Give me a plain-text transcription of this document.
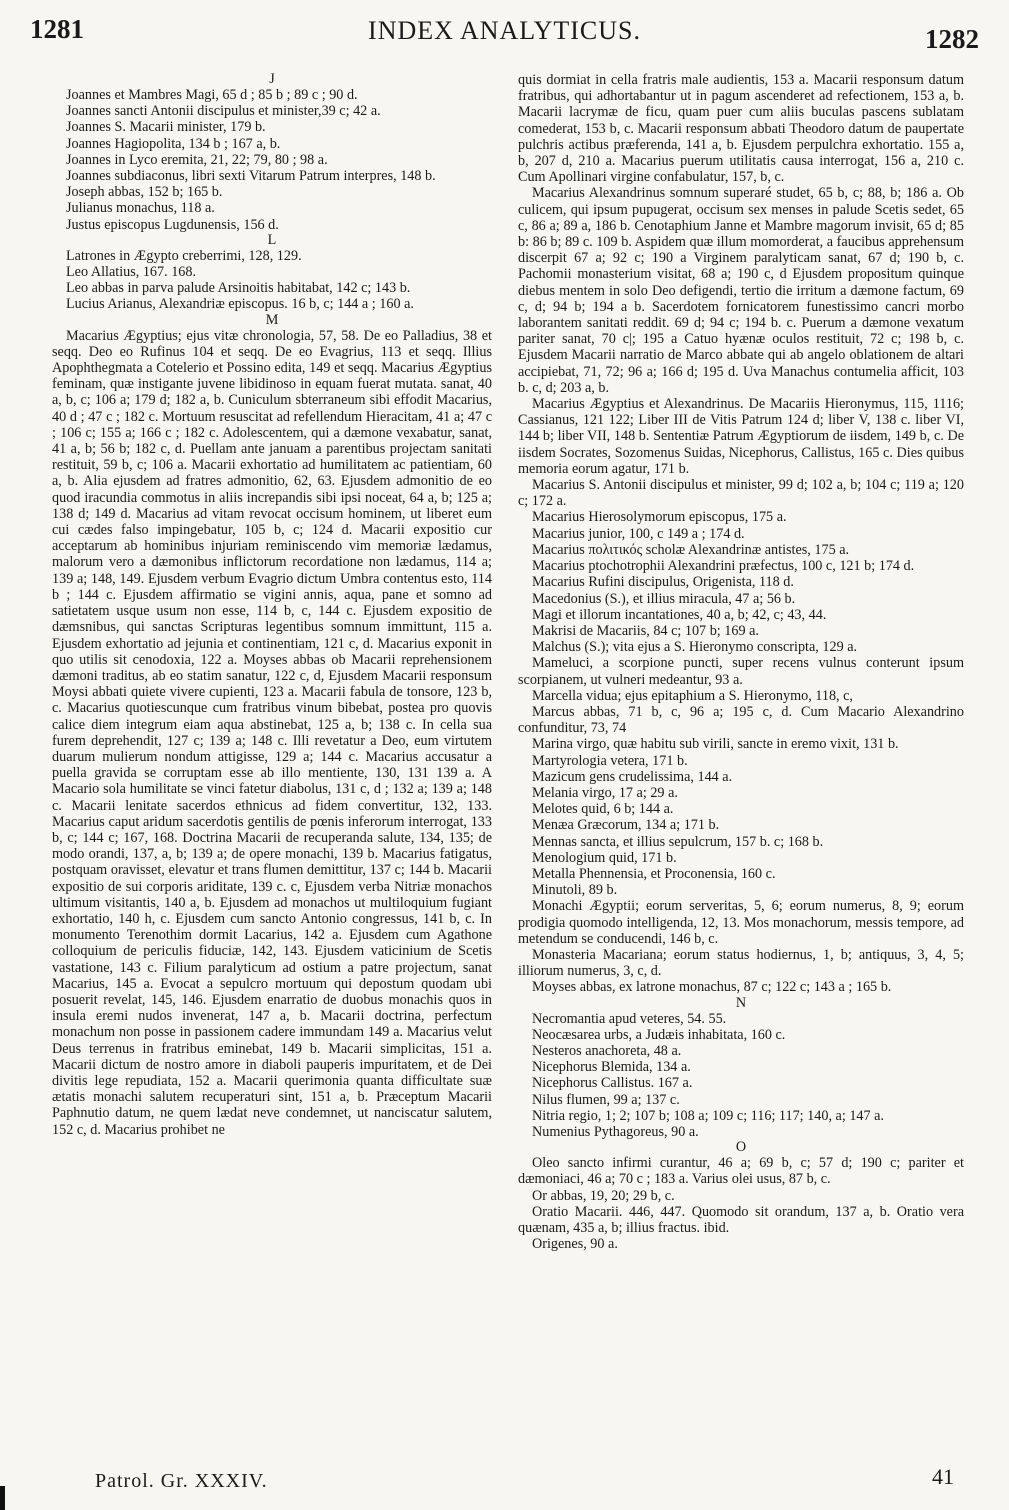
1281	INDEX ANALYTICUS.	1282
J
Joannes et Mambres Magi, 65 d ; 85 b ; 89 c ; 90 d.
Joannes sancti Antonii discipulus et minister,39 c; 42 a.
Joannes S. Macarii minister, 179 b.
Joannes Hagiopolita, 134 b ; 167 a, b.
Joannes in Lyco eremita, 21, 22; 79, 80 ; 98 a.
Joannes subdiaconus, libri sexti Vitarum Patrum interpres, 148 b.
Joseph abbas, 152 b; 165 b.
Julianus monachus, 118 a.
Justus episcopus Lugdunensis, 156 d.
L
Latrones in Ægypto creberrimi, 128, 129.
Leo Allatius, 167. 168.
Leo abbas in parva palude Arsinoitis habitabat, 142 c; 143 b.
Lucius Arianus, Alexandriæ episcopus. 16 b, c; 144 a ; 160 a.
M
Macarius Ægyptius; ejus vitæ chronologia, 57, 58. De eo Palladius, 38 et seqq. Deo eo Rufinus 104 et seqq. De eo Evagrius, 113 et seqq. Illius Apophthegmata a Cotelerio et Possino edita, 149 et seqq. Macarius Ægyptius feminam, quæ instigante juvene libidinoso in equam fuerat mutata. sanat, 40 a, b, c; 106 a; 179 d; 182 a, b. Cuniculum sbterraneum sibi effodit Macarius, 40 d ; 47 c ; 182 c. Mortuum resuscitat ad refellendum Hieracitam, 41 a; 47 c ; 106 c; 155 a; 166 c ; 182 c. Adolescentem, qui a dæmone vexabatur, sanat, 41 a, b; 56 b; 182 c, d. Puellam ante januam a parentibus projectam sanitati restituit, 59 b, c; 106 a. Macarii exhortatio ad humilitatem ac patientiam, 60 a, b. Alia ejusdem ad fratres admonitio, 62, 63. Ejusdem admonitio de eo quod iracundia commotus in aliis increpandis sibi ipsi noceat, 64 a, b; 125 a; 138 d; 149 d. Macarius ad vitam revocat occisum hominem, ut liberet eum cui cædes falso impingebatur, 105 b, c; 124 d. Macarii expositio cur acceptarum ab hominibus injuriam reminiscendo vim memoriæ lædamus, malorum vero a dæmonibus inflictorum recordatione non lædamus, 114 a; 139 a; 148, 149. Ejusdem verbum Evagrio dictum Umbra contentus esto, 114 b ; 144 c. Ejusdem affirmatio se vigini annis, aqua, pane et somno ad satietatem usque usum non esse, 114 b, c, 144 c. Ejusdem expositio de dæmsnibus, qui sanctas Scripturas legentibus somnum immittunt, 115 a. Ejusdem exhortatio ad jejunia et continentiam, 121 c, d. Macarius exponit in quo utilis sit cenodoxia, 122 a. Moyses abbas ob Macarii reprehensionem dæmoni traditus, ab eo statim sanatur, 122 c, d, Ejusdem Macarii responsum Moysi abbati quiete vivere cupienti, 123 a. Macarii fabula de tonsore, 123 b, c. Macarius quotiescunque cum fratribus vinum bibebat, postea pro quovis calice diem integrum eiam aqua abstinebat, 125 a, b; 138 c. In cella sua furem deprehendit, 127 c; 139 a; 148 c. Illi revetatur a Deo, eum virtutem duarum mulierum nondum attigisse, 129 a; 144 c. Macarius accusatur a puella gravida se corruptam esse ab illo mentiente, 130, 131 139 a. A Macario sola humilitate se vinci fatetur diabolus, 131 c, d ; 132 a; 139 a; 148 c. Macarii lenitate sacerdos ethnicus ad fidem convertitur, 132, 133. Macarius caput aridum sacerdotis gentilis de pœnis inferorum interrogat, 133 b, c; 144 c; 167, 168. Doctrina Macarii de recuperanda salute, 134, 135; de modo orandi, 137, a, b; 139 a; de opere monachi, 139 b. Macarius fatigatus, postquam oravisset, elevatur et trans flumen demittitur, 137 c; 144 b. Macarii expositio de sui corporis ariditate, 139 c. c, Ejusdem verba Nitriæ monachos ultimum visitantis, 140 a, b. Ejusdem ad monachos ut multiloquium fugiant exhortatio, 140 h, c. Ejusdem cum sancto Antonio congressus, 141 b, c. In monumento Terenothim dormit Lacarius, 142 a. Ejusdem cum Agathone colloquium de periculis fiduciæ, 142, 143. Ejusdem vaticinium de Scetis vastatione, 143 c. Filium paralyticum ad ostium a patre projectum, sanat Macarius, 145 a. Evocat a sepulcro mortuum qui depostum quodam ubi posuerit revelat, 145, 146. Ejusdem enarratio de duobus monachis quos in insula eremi nudos invenerat, 147 a, b. Macarii doctrina, perfectum monachum non posse in passionem cadere immundam 149 a. Macarius velut Deus terrenus in fratribus eminebat, 149 b. Macarii simplicitas, 151 a. Macarii dictum de nostro amore in diaboli pauperis impuritatem, et de Dei divitis lege repudiata, 152 a. Macarii querimonia quanta difficultate suæ ætatis monachi salutem recuperaturi sint, 151 a, b. Præceptum Macarii Paphnutio datum, ne quem lædat neve condemnet, ut nanciscatur salutem, 152 c, d. Macarius prohibet ne
quis dormiat in cella fratris male audientis, 153 a. Macarii responsum datum fratribus, qui adhortabantur ut in pagum ascenderet ad refectionem, 153 a, b. Macarii lacrymæ de ficu, quam puer cum aliis buculas pascens sublatam comederat, 153 b, c. Macarii responsum abbati Theodoro datum de paupertate pulchris actibus præferenda, 141 a, b. Ejusdem perpulchra exhortatio. 155 a, b, 207 d, 210 a. Macarius puerum utilitatis causa interrogat, 156 a, 210 c. Cum Apollinari virgine confabulatur, 157, b, c.
Macarius Alexandrinus somnum superaré studet, 65 b, c; 88, b; 186 a. Ob culicem, qui ipsum pupugerat, occisum sex menses in palude Scetis sedet, 65 c, 86 a; 89 a, 186 b. Cenotaphium Janne et Mambre magorum invisit, 65 d; 85 b: 86 b; 89 c. 109 b. Aspidem quæ illum momorderat, a faucibus apprehensum discerpit 67 a; 92 c; 190 a Virginem paralyticam sanat, 67 d; 190 b, c. Pachomii monasterium visitat, 68 a; 190 c, d Ejusdem propositum quinque diebus mentem in solo Deo defigendi, tertio die irritum a dæmone factum, 69 c, d; 94 b; 194 a b. Sacerdotem fornicatorem funestissimo cancri morbo laborantem sanitati reddit. 69 d; 94 c; 194 b. c. Puerum a dæmone vexatum pariter sanat, 70 c|; 195 a Catuo hyænæ oculos restituit, 72 c; 198 b, c. Ejusdem Macarii narratio de Marco abbate qui ab angelo oblationem de altari accipiebat, 71, 72; 96 a; 166 d; 195 d. Uva Manachus contumelia afficit, 103 b. c, d; 203 a, b.
Macarius Ægyptius et Alexandrinus. De Macariis Hieronymus, 115, 1116; Cassianus, 121 122; Liber III de Vitis Patrum 124 d; liber V, 138 c. liber VI, 144 b; liber VII, 148 b. Sententiæ Patrum Ægyptiorum de iisdem, 149 b, c. De iisdem Socrates, Sozomenus Suidas, Nicephorus, Callistus, 165 c. Dies quibus memoria eorum agatur, 171 b.
Macarius S. Antonii discipulus et minister, 99 d; 102 a, b; 104 c; 119 a; 120 c; 172 a.
Macarius Hierosolymorum episcopus, 175 a.
Macarius junior, 100, c 149 a ; 174 d.
Macarius πολιτικός scholæ Alexandrinæ antistes, 175 a.
Macarius ptochotrophii Alexandrini præfectus, 100 c, 121 b; 174 d.
Macarius Rufini discipulus, Origenista, 118 d.
Macedonius (S.), et illius miracula, 47 a; 56 b.
Magi et illorum incantationes, 40 a, b; 42, c; 43, 44.
Makrisi de Macariis, 84 c; 107 b; 169 a.
Malchus (S.); vita ejus a S. Hieronymo conscripta, 129 a.
Mameluci, a scorpione puncti, super recens vulnus conterunt ipsum scorpianem, ut vulneri medeantur, 93 a.
Marcella vidua; ejus epitaphium a S. Hieronymo, 118, c,
Marcus abbas, 71 b, c, 96 a; 195 c, d. Cum Macario Alexandrino confunditur, 73, 74
Marina virgo, quæ habitu sub virili, sancte in eremo vixit, 131 b.
Martyrologia vetera, 171 b.
Mazicum gens crudelissima, 144 a.
Melania virgo, 17 a; 29 a.
Melotes quid, 6 b; 144 a.
Menæa Græcorum, 134 a; 171 b.
Mennas sancta, et illius sepulcrum, 157 b. c; 168 b.
Menologium quid, 171 b.
Metalla Phennensia, et Proconensia, 160 c.
Minutoli, 89 b.
Monachi Ægyptii; eorum serveritas, 5, 6; eorum numerus, 8, 9; eorum prodigia quomodo intelligenda, 12, 13. Mos monachorum, messis tempore, ad metendum se conducendi, 146 b, c.
Monasteria Macariana; eorum status hodiernus, 1, b; antiquus, 3, 4, 5; illiorum numerus, 3, c, d.
Moyses abbas, ex latrone monachus, 87 c; 122 c; 143 a ; 165 b.
N
Necromantia apud veteres, 54. 55.
Neocæsarea urbs, a Judæis inhabitata, 160 c.
Nesteros anachoreta, 48 a.
Nicephorus Blemida, 134 a.
Nicephorus Callistus. 167 a.
Nilus flumen, 99 a; 137 c.
Nitria regio, 1; 2; 107 b; 108 a; 109 c; 116; 117; 140, a; 147 a.
Numenius Pythagoreus, 90 a.
O
Oleo sancto infirmi curantur, 46 a; 69 b, c; 57 d; 190 c; pariter et dæmoniaci, 46 a; 70 c ; 183 a. Varius olei usus, 87 b, c.
Or abbas, 19, 20; 29 b, c.
Oratio Macarii. 446, 447. Quomodo sit orandum, 137 a, b. Oratio vera quænam, 435 a, b; illius fractus. ibid.
Origenes, 90 a.
Patrol. Gr. XXXIV.	41
